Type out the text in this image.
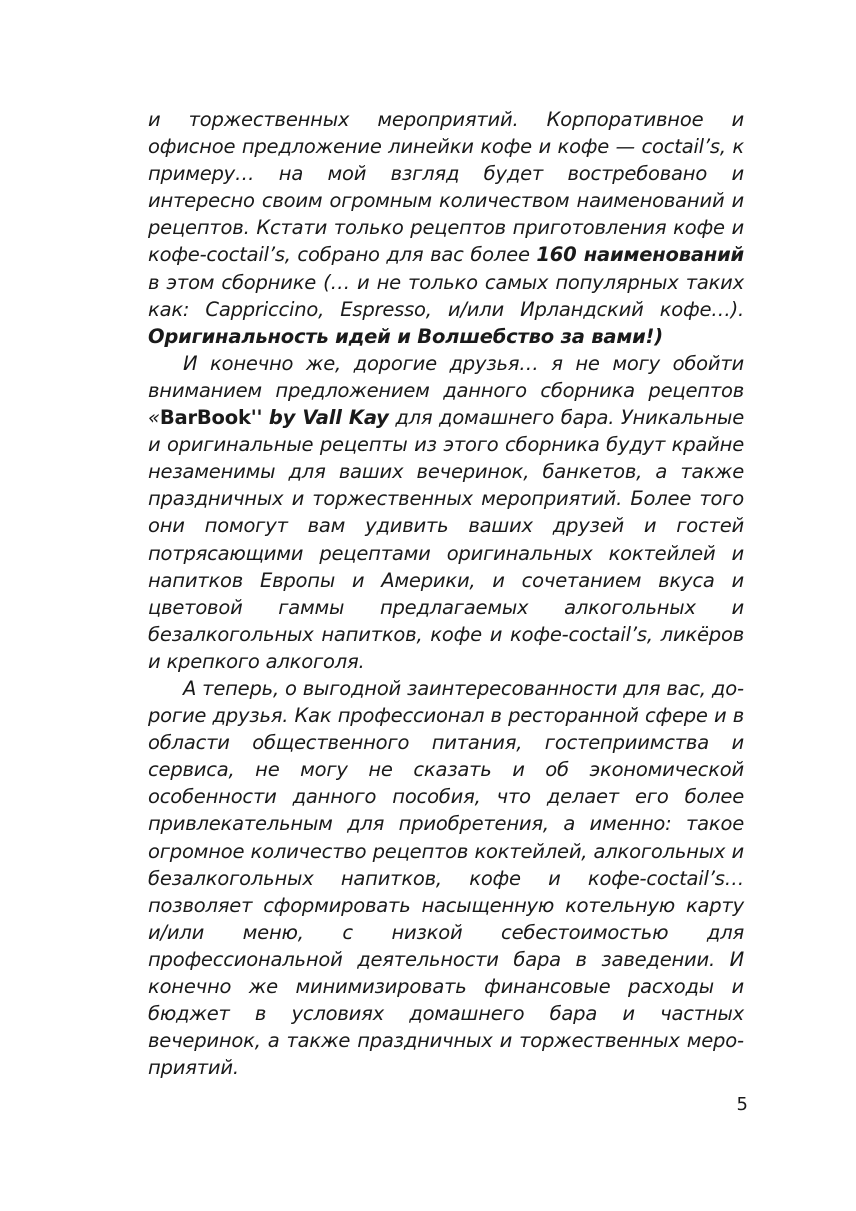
и торжественных мероприятий. Корпоративное и офисное предложение линейки кофе и кофе — coctail’s, к примеру… на мой взгляд будет востребовано и интересно своим огромным количеством наименований и рецептов. Кстати только рецептов приготовления кофе и кофе-coctail’s, собрано для вас более 160 наименований в этом сборнике (… и не только самых популярных таких как: Cappriccino, Espresso, и/или Ирландский кофе…). Оригинальность идей и Волшебство за вами!)

И конечно же, дорогие друзья… я не могу обойти вниманием предложением данного сборника рецептов «BarBook'' by Vall Kay для домашнего бара. Уникальные и оригинальные рецепты из этого сборника будут крайне незаменимы для ваших вечеринок, банкетов, а также праздничных и торжественных мероприятий. Более того они помогут вам удивить ваших друзей и гостей потрясающими рецептами оригинальных коктейлей и напитков Европы и Америки, и сочетанием вкуса и цветовой гаммы предлагаемых алкогольных и безалкогольных напитков, кофе и кофе-coctail’s, ликёров и крепкого алкоголя.

А теперь, о выгодной заинтересованности для вас, дорогие друзья. Как профессионал в ресторанной сфере и в области общественного питания, гостеприимства и сервиса, не могу не сказать и об экономической особенности данного пособия, что делает его более привлекательным для приобретения, а именно: такое огромное количество рецептов коктейлей, алкогольных и безалкогольных напитков, кофе и кофе-coctail’s… позволяет сформировать насыщенную котельную карту и/или меню, с низкой себестоимостью для профессиональной деятельности бара в заведении. И конечно же минимизировать финансовые расходы и бюджет в условиях домашнего бара и частных вечеринок, а также праздничных и торжественных мероприятий.

5
